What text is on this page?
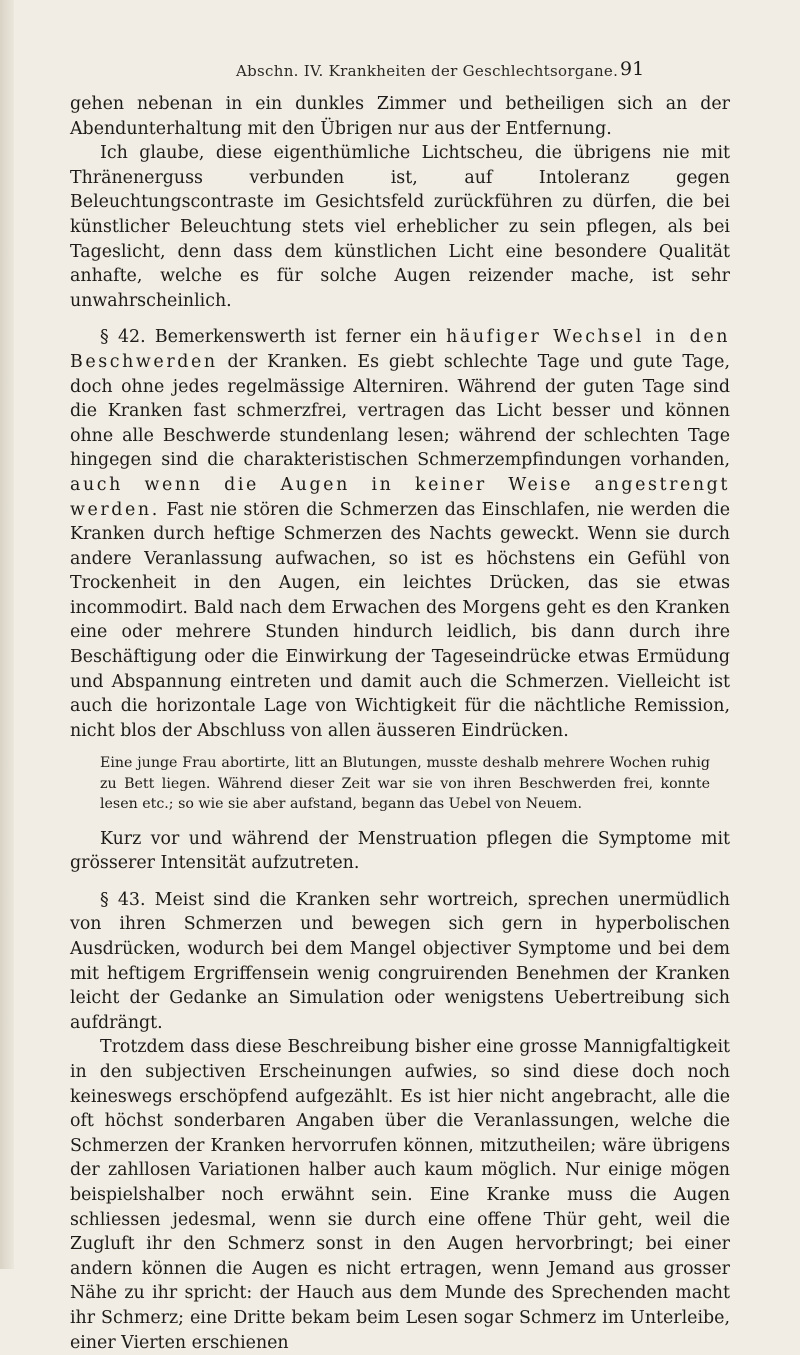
Abschn. IV. Krankheiten der Geschlechtsorgane. 91

gehen nebenan in ein dunkles Zimmer und betheiligen sich an der Abendunterhaltung mit den Übrigen nur aus der Entfernung.

Ich glaube, diese eigenthümliche Lichtscheu, die übrigens nie mit Thränenerguss verbunden ist, auf Intoleranz gegen Beleuchtungscontraste im Gesichtsfeld zurückführen zu dürfen, die bei künstlicher Beleuchtung stets viel erheblicher zu sein pflegen, als bei Tageslicht, denn dass dem künstlichen Licht eine besondere Qualität anhafte, welche es für solche Augen reizender mache, ist sehr unwahrscheinlich.

§ 42. Bemerkenswerth ist ferner ein häufiger Wechsel in den Beschwerden der Kranken. Es giebt schlechte Tage und gute Tage, doch ohne jedes regelmässige Alterniren. Während der guten Tage sind die Kranken fast schmerzfrei, vertragen das Licht besser und können ohne alle Beschwerde stundenlang lesen; während der schlechten Tage hingegen sind die charakteristischen Schmerzempfindungen vorhanden, auch wenn die Augen in keiner Weise angestrengt werden. Fast nie stören die Schmerzen das Einschlafen, nie werden die Kranken durch heftige Schmerzen des Nachts geweckt. Wenn sie durch andere Veranlassung aufwachen, so ist es höchstens ein Gefühl von Trockenheit in den Augen, ein leichtes Drücken, das sie etwas incommodirt. Bald nach dem Erwachen des Morgens geht es den Kranken eine oder mehrere Stunden hindurch leidlich, bis dann durch ihre Beschäftigung oder die Einwirkung der Tageseindrücke etwas Ermüdung und Abspannung eintreten und damit auch die Schmerzen. Vielleicht ist auch die horizontale Lage von Wichtigkeit für die nächtliche Remission, nicht blos der Abschluss von allen äusseren Eindrücken.

Eine junge Frau abortirte, litt an Blutungen, musste deshalb mehrere Wochen ruhig zu Bett liegen. Während dieser Zeit war sie von ihren Beschwerden frei, konnte lesen etc.; so wie sie aber aufstand, begann das Uebel von Neuem.

Kurz vor und während der Menstruation pflegen die Symptome mit grösserer Intensität aufzutreten.

§ 43. Meist sind die Kranken sehr wortreich, sprechen unermüdlich von ihren Schmerzen und bewegen sich gern in hyperbolischen Ausdrücken, wodurch bei dem Mangel objectiver Symptome und bei dem mit heftigem Ergriffensein wenig congruirenden Benehmen der Kranken leicht der Gedanke an Simulation oder wenigstens Uebertreibung sich aufdrängt.

Trotzdem dass diese Beschreibung bisher eine grosse Mannigfaltigkeit in den subjectiven Erscheinungen aufwies, so sind diese doch noch keineswegs erschöpfend aufgezählt. Es ist hier nicht angebracht, alle die oft höchst sonderbaren Angaben über die Veranlassungen, welche die Schmerzen der Kranken hervorrufen können, mitzutheilen; wäre übrigens der zahllosen Variationen halber auch kaum möglich. Nur einige mögen beispielshalber noch erwähnt sein. Eine Kranke muss die Augen schliessen jedesmal, wenn sie durch eine offene Thür geht, weil die Zugluft ihr den Schmerz sonst in den Augen hervorbringt; bei einer andern können die Augen es nicht ertragen, wenn Jemand aus grosser Nähe zu ihr spricht: der Hauch aus dem Munde des Sprechenden macht ihr Schmerz; eine Dritte bekam beim Lesen sogar Schmerz im Unterleibe, einer Vierten erschienen
